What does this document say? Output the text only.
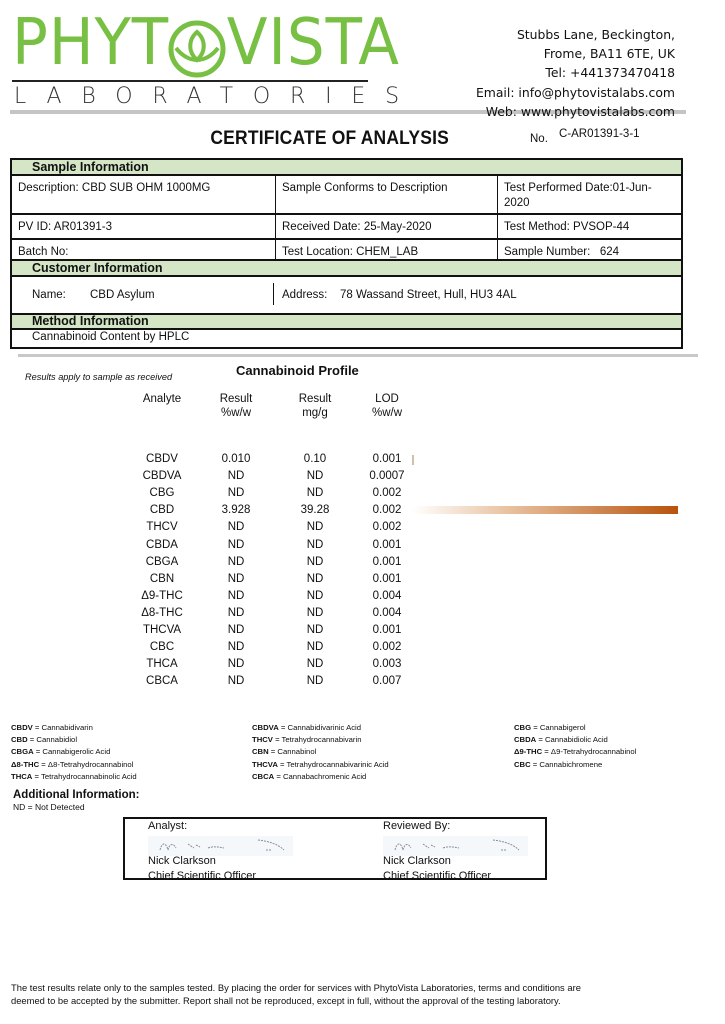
PHYT VISTA
LABORATORIES
Stubbs Lane, Beckington,
Frome, BA11 6TE, UK
Tel: +441373470418
Email: info@phytovistalabs.com
Web: www.phytovistalabs.com
CERTIFICATE OF ANALYSIS	No. C-AR01391-3-1
Sample Information
Description: CBD SUB OHM 1000MG	Sample Conforms to Description	Test Performed Date:01-Jun-2020
PV ID: AR01391-3	Received Date: 25-May-2020	Test Method: PVSOP-44
Batch No:	Test Location: CHEM_LAB	Sample Number:   624
Customer Information
Name: CBD Asylum	Address: 78 Wassand Street, Hull, HU3 4AL
Method Information
Cannabinoid Content by HPLC
Results apply to sample as received	Cannabinoid Profile
Analyte	Result
%w/w
Result
mg/g
LOD
%w/w
CBDV	0.010	0.10	0.001
CBDVA	ND	ND	0.0007
CBG	ND	ND	0.002
CBD	3.928	39.28	0.002
THCV	ND	ND	0.002
CBDA	ND	ND	0.001
CBGA	ND	ND	0.001
CBN	ND	ND	0.001
Δ9-THC	ND	ND	0.004
Δ8-THC	ND	ND	0.004
THCVA	ND	ND	0.001
CBC	ND	ND	0.002
THCA	ND	ND	0.003
CBCA	ND	ND	0.007
CBDV = Cannabidivarin
CBD = Cannabidiol
CBGA = Cannabigerolic Acid
Δ8-THC = Δ8-Tetrahydrocannabinol
THCA = Tetrahydrocannabinolic Acid
CBDVA = Cannabidivarinic Acid
THCV = Tetrahydrocannabivarin
CBN = Cannabinol
THCVA = Tetrahydrocannabivarinic Acid
CBCA = Cannabachromenic Acid
CBG = Cannabigerol
CBDA = Cannabidiolic Acid
Δ9-THC = Δ9-Tetrahydrocannabinol
CBC = Cannabichromene
Additional Information:
ND = Not Detected
Analyst:
Nick Clarkson
Chief Scientific Officer
Reviewed By:
Nick Clarkson
Chief Scientific Officer
The test results relate only to the samples tested. By placing the order for services with PhytoVista Laboratories, terms and conditions are
deemed to be accepted by the submitter. Report shall not be reproduced, except in full, without the approval of the testing laboratory.
